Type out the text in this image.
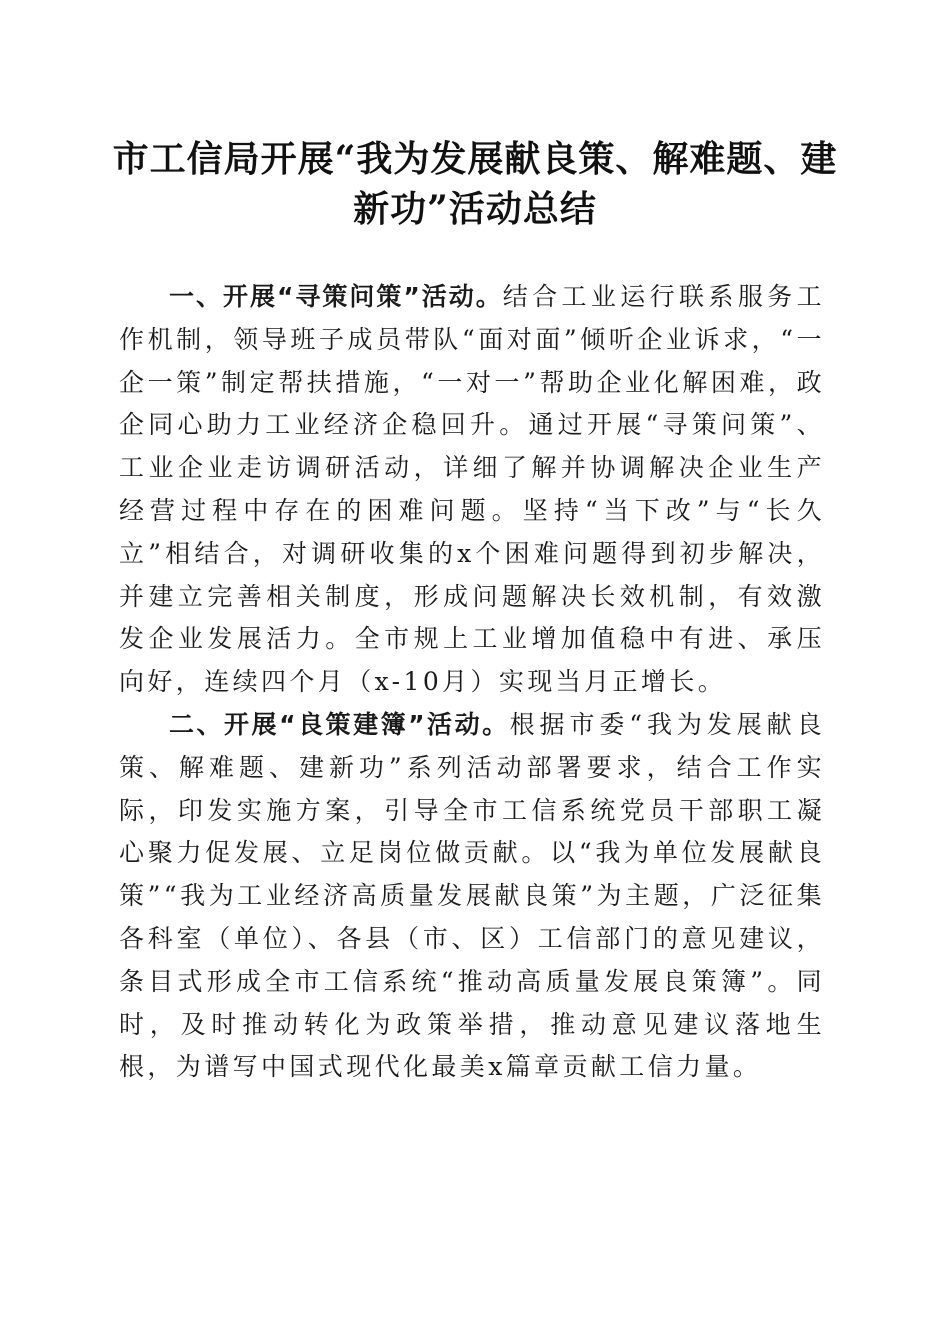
市工信局开展“我为发展献良策、解难题、建新功”活动总结

一、开展“寻策问策”活动。结合工业运行联系服务工作机制，领导班子成员带队“面对面”倾听企业诉求，“一企一策”制定帮扶措施，“一对一”帮助企业化解困难，政企同心助力工业经济企稳回升。通过开展“寻策问策”、工业企业走访调研活动，详细了解并协调解决企业生产经营过程中存在的困难问题。坚持“当下改”与“长久立”相结合，对调研收集的x个困难问题得到初步解决，并建立完善相关制度，形成问题解决长效机制，有效激发企业发展活力。全市规上工业增加值稳中有进、承压向好，连续四个月（x-10月）实现当月正增长。

二、开展“良策建簿”活动。根据市委“我为发展献良策、解难题、建新功”系列活动部署要求，结合工作实际，印发实施方案，引导全市工信系统党员干部职工凝心聚力促发展、立足岗位做贡献。以“我为单位发展献良策”“我为工业经济高质量发展献良策”为主题，广泛征集各科室（单位）、各县（市、区）工信部门的意见建议，条目式形成全市工信系统“推动高质量发展良策簿”。同时，及时推动转化为政策举措，推动意见建议落地生根，为谱写中国式现代化最美x篇章贡献工信力量。
